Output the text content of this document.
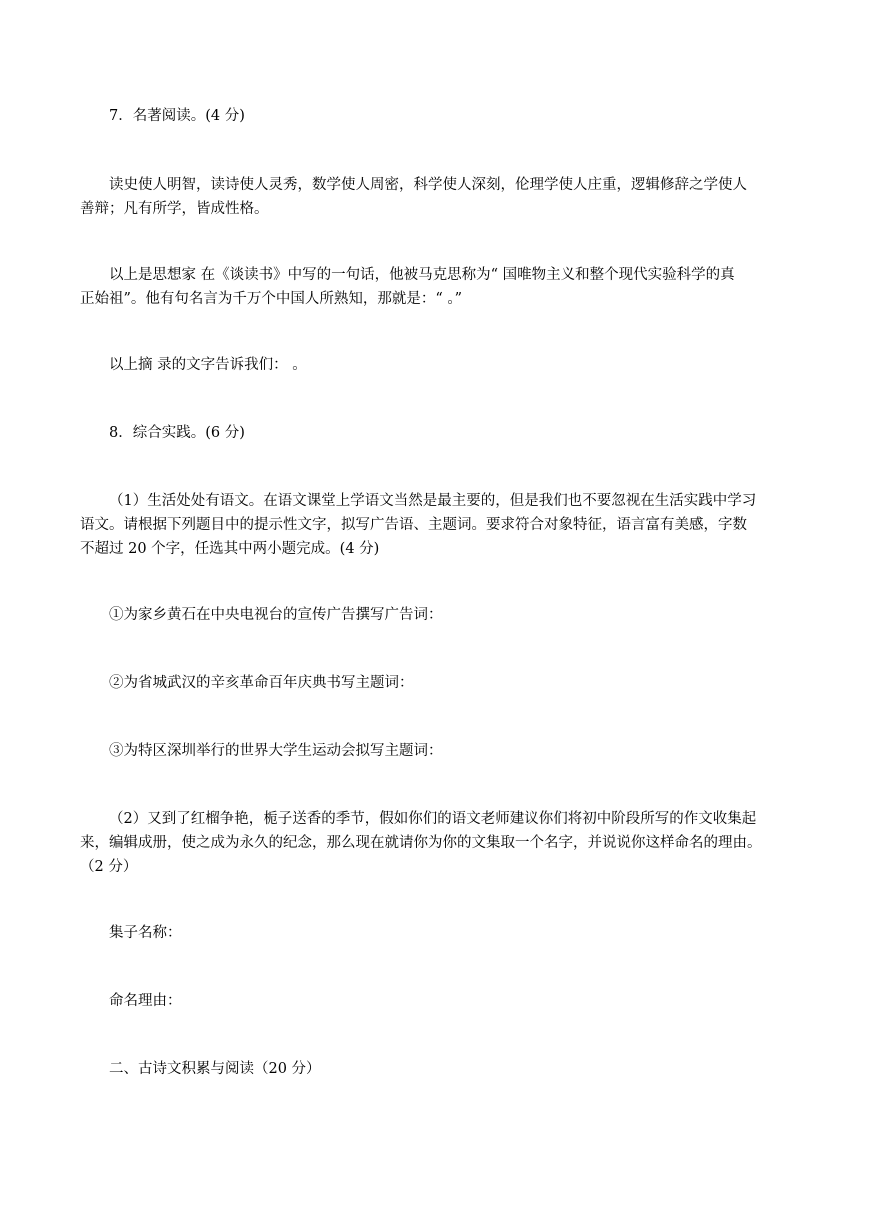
7．名著阅读。(4 分)

读史使人明智，读诗使人灵秀，数学使人周密，科学使人深刻，伦理学使人庄重，逻辑修辞之学使人
善辩；凡有所学，皆成性格。
以上是思想家 在《谈读书》中写的一句话，他被马克思称为“ 国唯物主义和整个现代实验科学的真
正始祖”。他有句名言为千万个中国人所熟知，那就是：“ 。”

以上摘 录的文字告诉我们： 。

8．综合实践。(6 分)

（1）生活处处有语文。在语文课堂上学语文当然是最主要的，但是我们也不要忽视在生活实践中学习
语文。请根据下列题目中的提示性文字，拟写广告语、主题词。要求符合对象特征，语言富有美感，字数
不超过 20 个字，任选其中两小题完成。(4 分)

①为家乡黄石在中央电视台的宣传广告撰写广告词：

②为省城武汉的辛亥革命百年庆典书写主题词：

③为特区深圳举行的世界大学生运动会拟写主题词：

（2）又到了红榴争艳，栀子送香的季节，假如你们的语文老师建议你们将初中阶段所写的作文收集起
来，编辑成册，使之成为永久的纪念，那么现在就请你为你的文集取一个名字，并说说你这样命名的理由。
（2 分）

集子名称：

命名理由：

二、古诗文积累与阅读（20 分）
